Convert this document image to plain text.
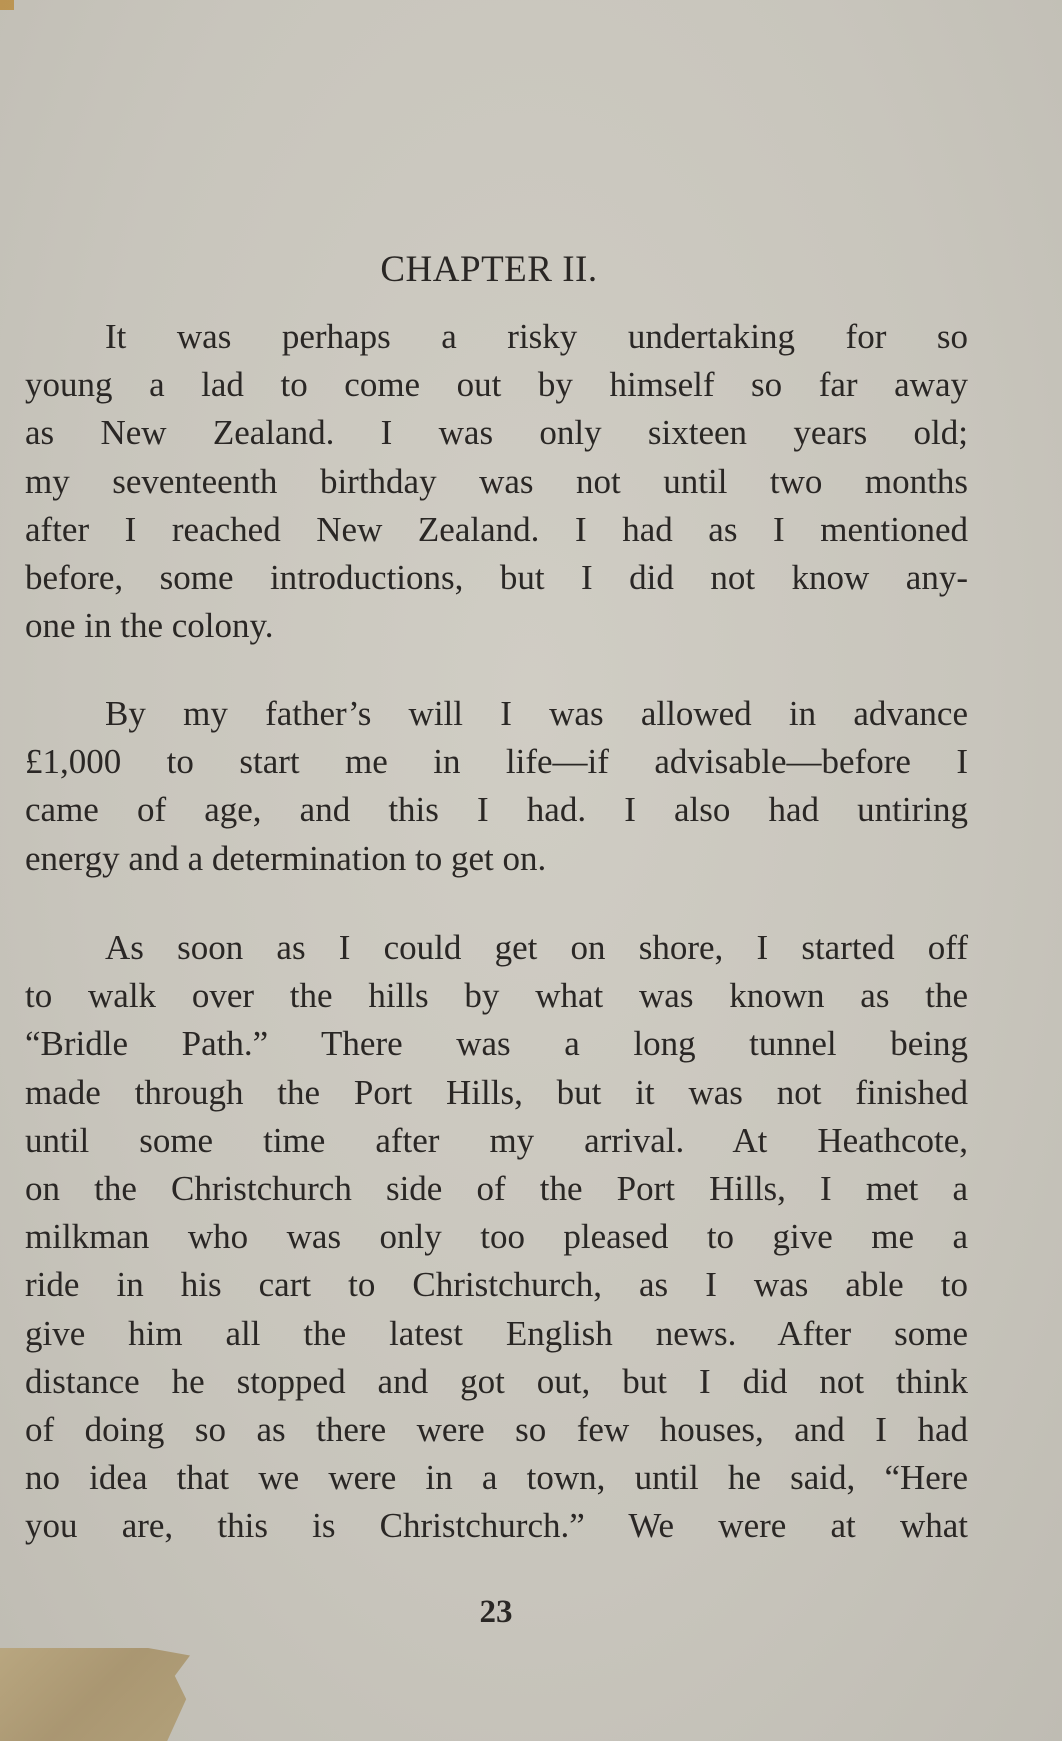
CHAPTER II.

It was perhaps a risky undertaking for so
young a lad to come out by himself so far away
as New Zealand. I was only sixteen years old;
my seventeenth birthday was not until two months
after I reached New Zealand. I had as I mentioned
before, some introductions, but I did not know any-
one in the colony.

By my father’s will I was allowed in advance
£1,000 to start me in life—if advisable—before I
came of age, and this I had. I also had untiring
energy and a determination to get on.

As soon as I could get on shore, I started off
to walk over the hills by what was known as the
“Bridle Path.” There was a long tunnel being
made through the Port Hills, but it was not finished
until some time after my arrival. At Heathcote,
on the Christchurch side of the Port Hills, I met a
milkman who was only too pleased to give me a
ride in his cart to Christchurch, as I was able to
give him all the latest English news. After some
distance he stopped and got out, but I did not think
of doing so as there were so few houses, and I had
no idea that we were in a town, until he said, “Here
you are, this is Christchurch.” We were at what

23
